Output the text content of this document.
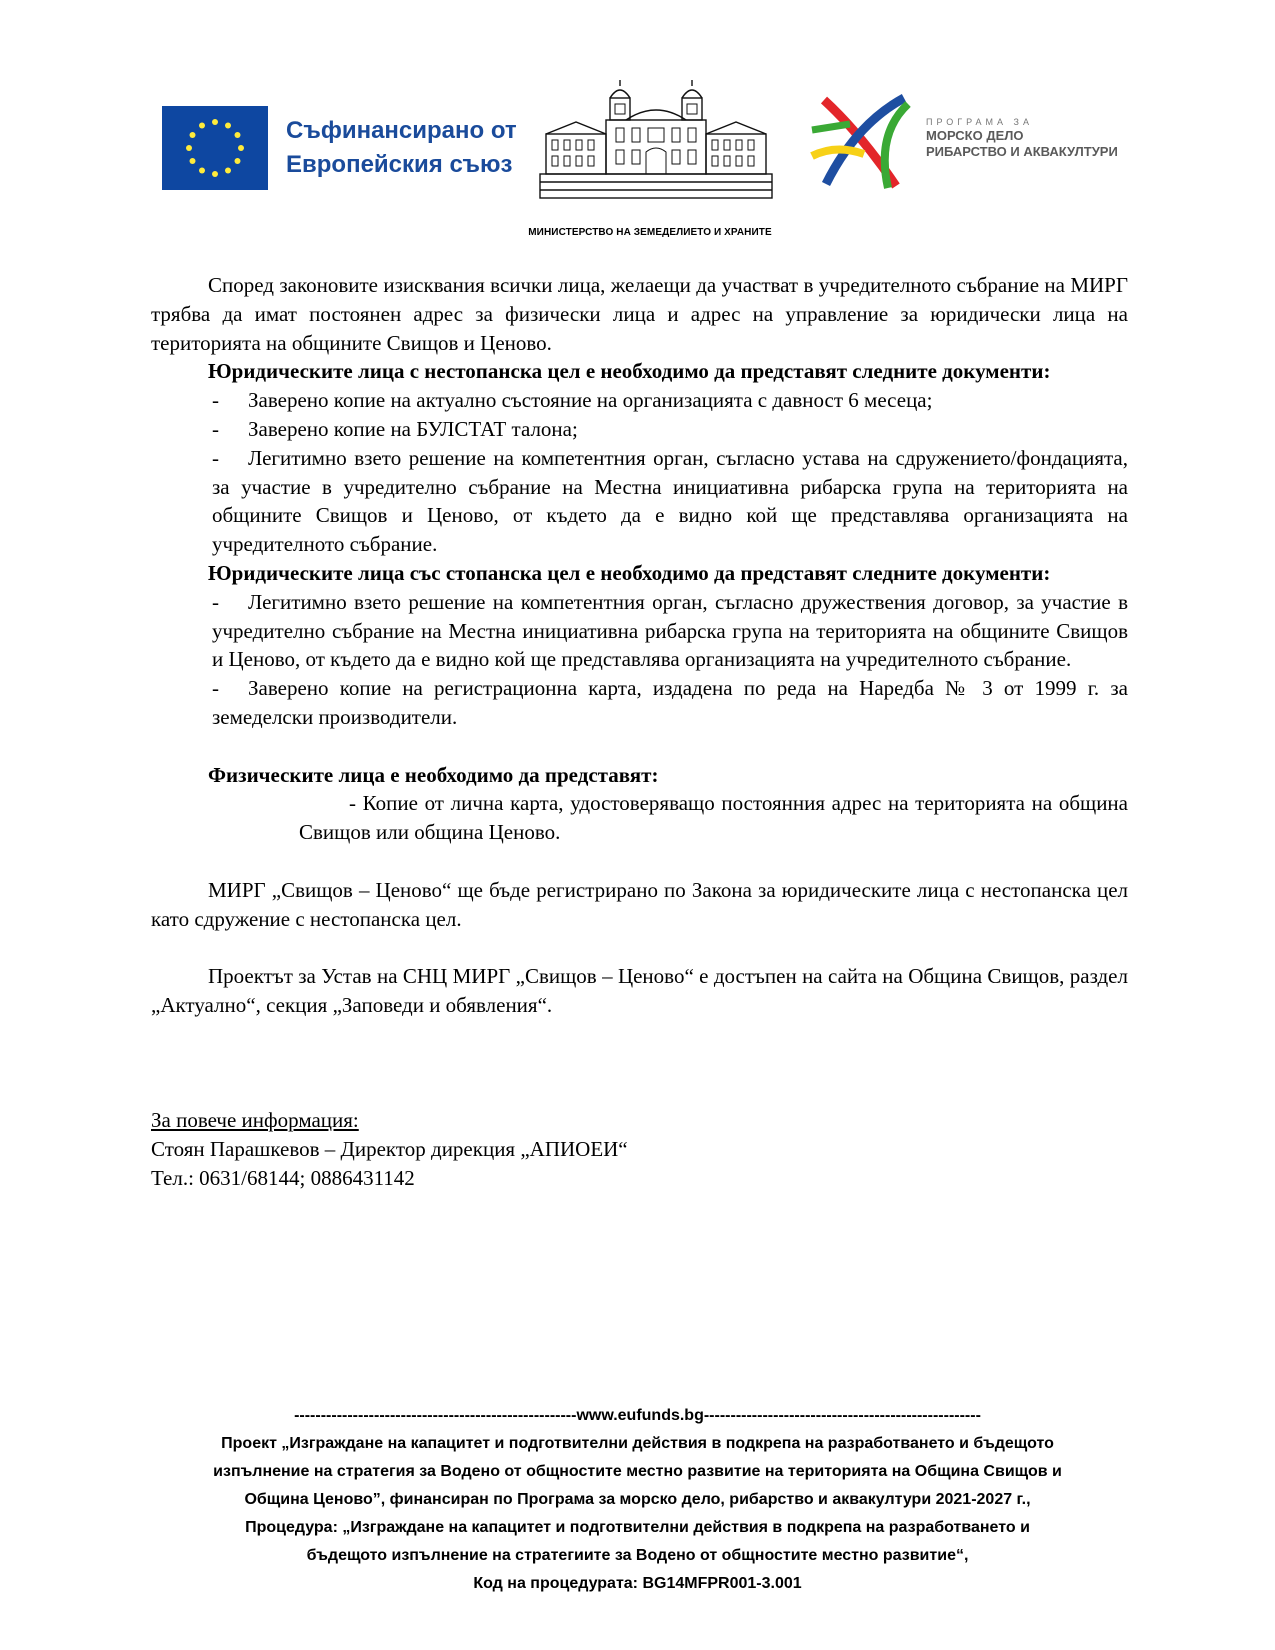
Съфинансирано от
Европейския съюз
МИНИСТЕРСТВО НА ЗЕМЕДЕЛИЕТО И ХРАНИТЕ
ПРОГРАМА ЗА
МОРСКО ДЕЛО
РИБАРСТВО И АКВАКУЛТУРИ

Според законовите изисквания всички лица, желаещи да участват в учредителното събрание на МИРГ трябва да имат постоянен адрес за физически лица и адрес на управление за юридически лица на територията на общините Свищов и Ценово.

Юридическите лица с нестопанска цел е необходимо да представят следните документи:

- Заверено копие на актуално състояние на организацията с давност 6 месеца;

- Заверено копие на БУЛСТАТ талона;

- Легитимно взето решение на компетентния орган, съгласно устава на сдружението/фондацията, за участие в учредително събрание на Местна инициативна рибарска група на територията на общините Свищов и Ценово, от където да е видно кой ще представлява организацията на учредителното събрание.

Юридическите лица със стопанска цел е необходимо да представят следните документи:

- Легитимно взето решение на компетентния орган, съгласно дружествения договор, за участие в учредително събрание на Местна инициативна рибарска група на територията на общините Свищов и Ценово, от където да е видно кой ще представлява организацията на учредителното събрание.

- Заверено копие на регистрационна карта, издадена по реда на Наредба № 3 от 1999 г. за земеделски производители.

Физическите лица е необходимо да представят:

- Копие от лична карта, удостоверяващо постоянния адрес на територията на община Свищов или община Ценово.

МИРГ „Свищов – Ценово“ ще бъде регистрирано по Закона за юридическите лица с нестопанска цел като сдружение с нестопанска цел.

Проектът за Устав на СНЦ МИРГ „Свищов – Ценово“ е достъпен на сайта на Община Свищов, раздел „Актуално“, секция „Заповеди и обявления“.

За повече информация:

Стоян Парашкевов – Директор дирекция „АПИОЕИ“

Тел.: 0631/68144; 0886431142

-----------------------------------------------------www.eufunds.bg----------------------------------------------------
Проект „Изграждане на капацитет и подготвителни действия в подкрепа на разработването и бъдещото
изпълнение на стратегия за Водено от общностите местно развитие на територията на Община Свищов и
Община Ценово”, финансиран по Програма за морско дело, рибарство и аквакултури 2021-2027 г.,
Процедура: „Изграждане на капацитет и подготвителни действия в подкрепа на разработването и
бъдещото изпълнение на стратегиите за Водено от общностите местно развитие“,
Код на процедурата: BG14MFPR001-3.001
